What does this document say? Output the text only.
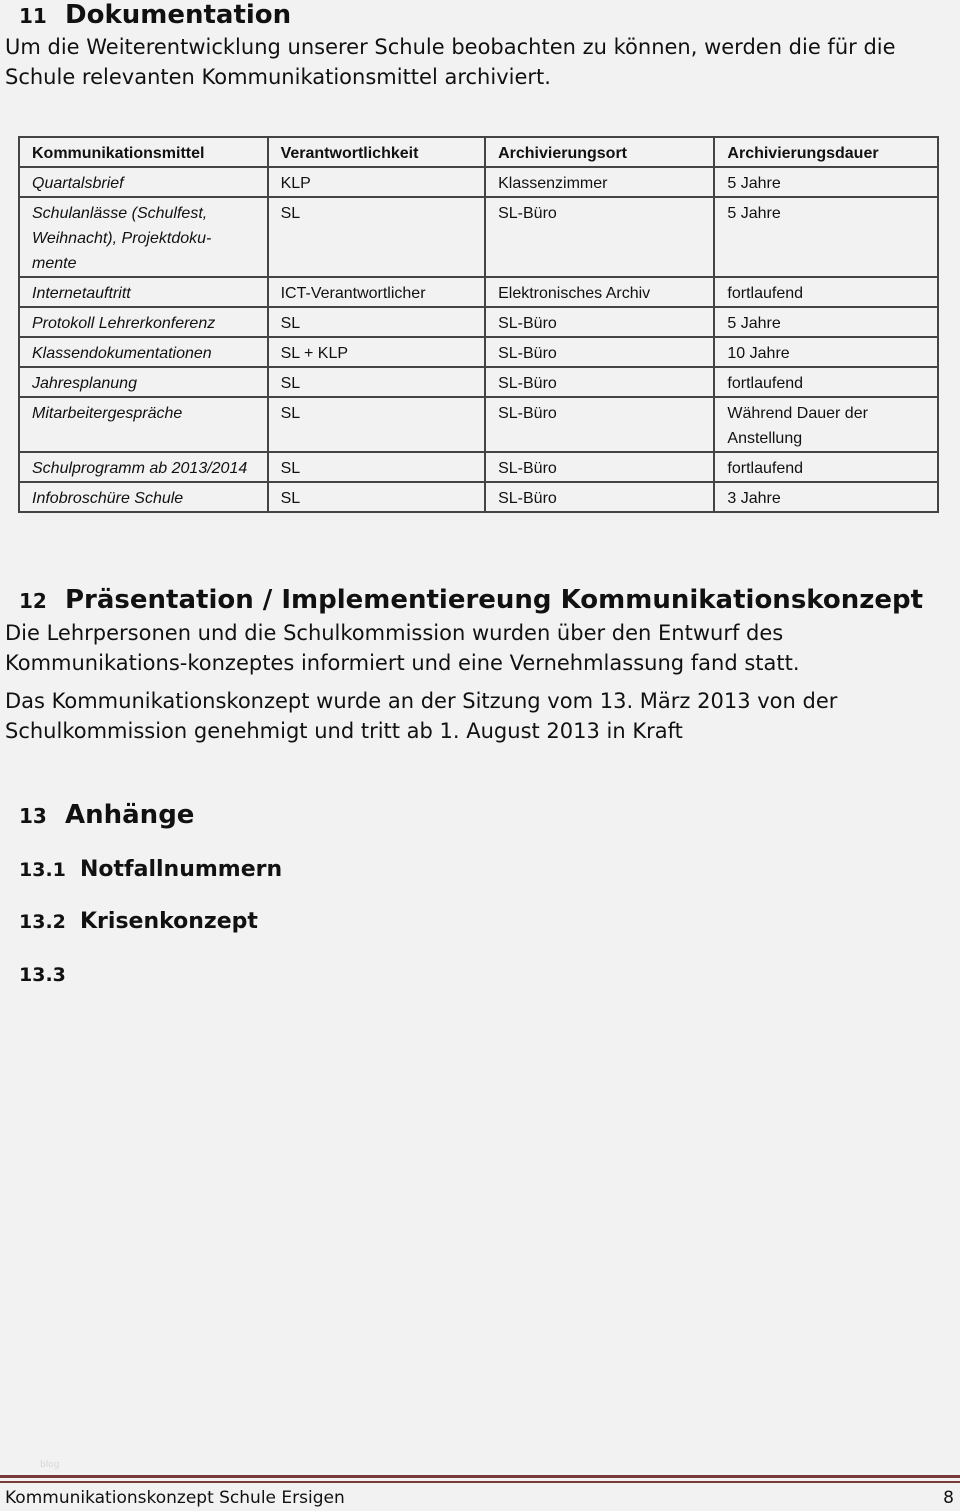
11 Dokumentation
Um die Weiterentwicklung unserer Schule beobachten zu können, werden die für die Schule relevanten Kommunikationsmittel archiviert.
Kommunikationsmittel	Verantwortlichkeit	Archivierungsort	Archivierungsdauer
Quartalsbrief	KLP	Klassenzimmer	5 Jahre
Schulanlässe (Schulfest, Weihnacht), Projektdoku-mente	SL	SL-Büro	5 Jahre
Internetauftritt	ICT-Verantwortlicher	Elektronisches Archiv	fortlaufend
Protokoll Lehrerkonferenz	SL	SL-Büro	5 Jahre
Klassendokumentationen	SL + KLP	SL-Büro	10 Jahre
Jahresplanung	SL	SL-Büro	fortlaufend
Mitarbeitergespräche	SL	SL-Büro	Während Dauer der Anstellung
Schulprogramm ab 2013/2014	SL	SL-Büro	fortlaufend
Infobroschüre Schule	SL	SL-Büro	3 Jahre
12 Präsentation / Implementiereung Kommunikationskonzept
Die Lehrpersonen und die Schulkommission wurden über den Entwurf des Kommunikations-konzeptes informiert und eine Vernehmlassung fand statt.
Das Kommunikationskonzept wurde an der Sitzung vom 13. März 2013 von der Schulkommission genehmigt und tritt ab 1. August 2013 in Kraft
13 Anhänge
13.1 Notfallnummern
13.2 Krisenkonzept
13.3
blog
Kommunikationskonzept Schule Ersigen	8
